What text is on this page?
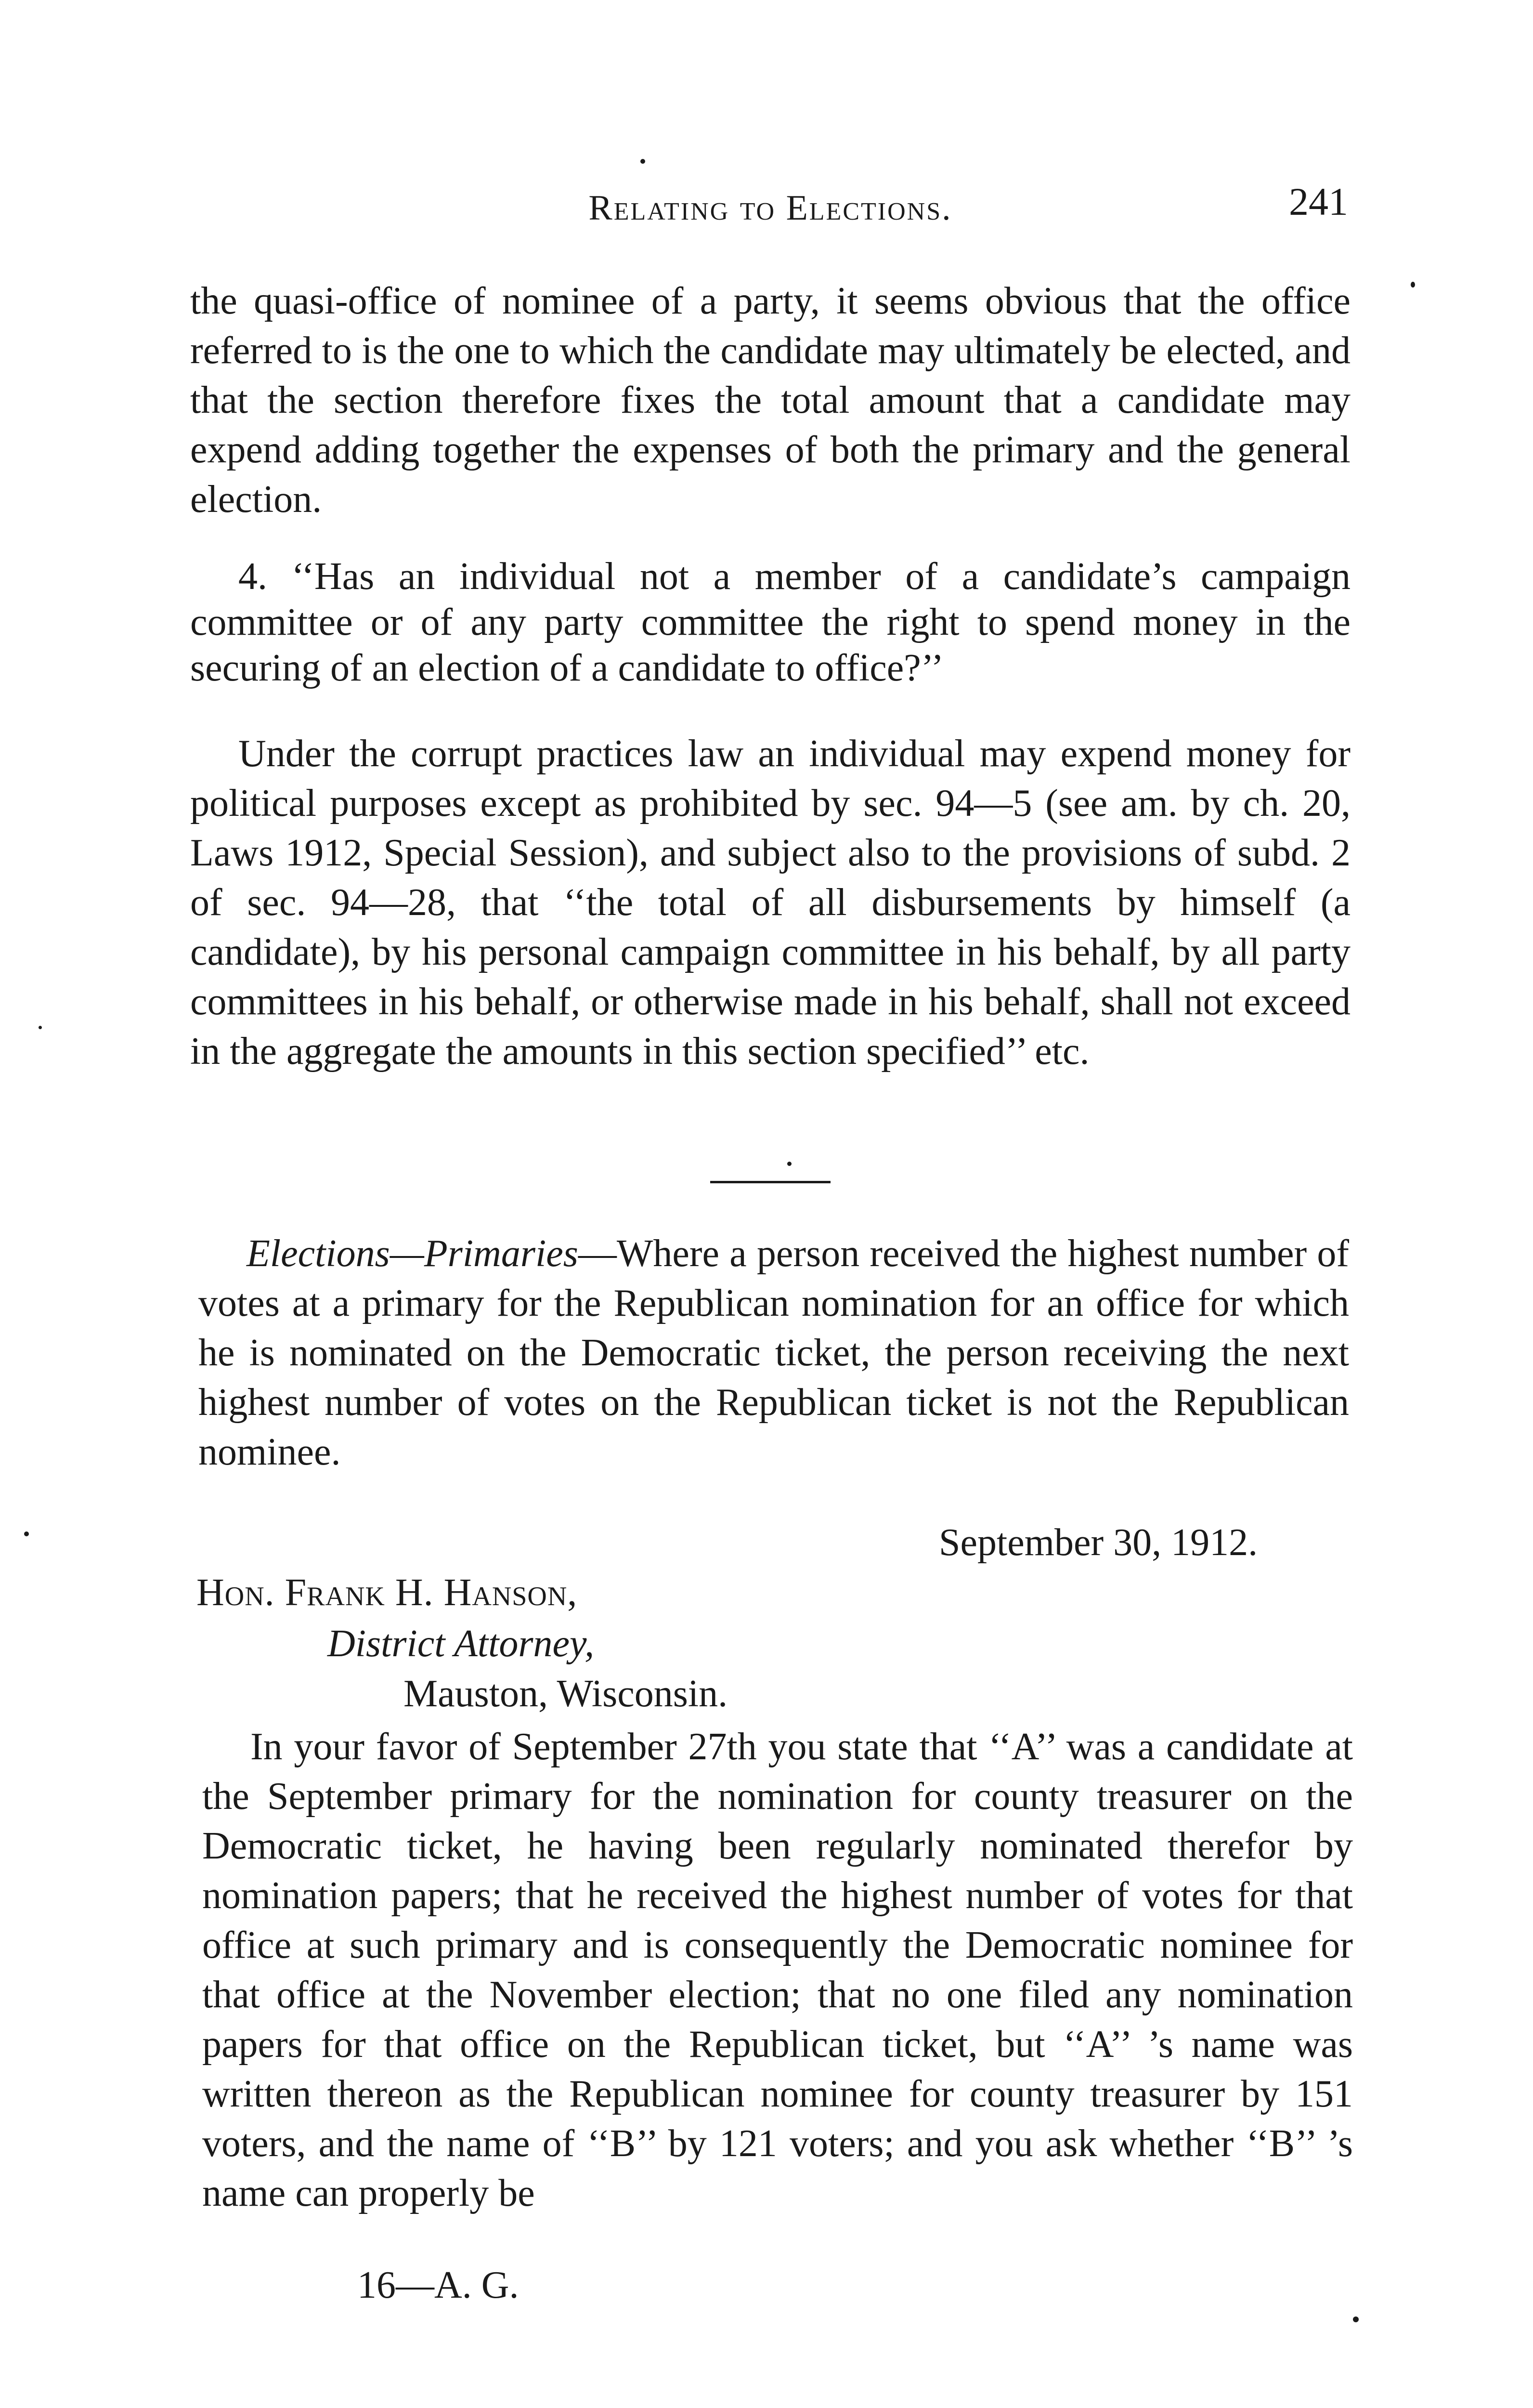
Relating to Elections.	241

the quasi-office of nominee of a party, it seems obvious that the office referred to is the one to which the candidate may ultimately be elected, and that the section therefore fixes the total amount that a candidate may expend adding together the expenses of both the primary and the general election.

4. ‘‘Has an individual not a member of a candidate’s campaign committee or of any party committee the right to spend money in the securing of an election of a candidate to office?’’

Under the corrupt practices law an individual may expend money for political purposes except as prohibited by sec. 94—5 (see am. by ch. 20, Laws 1912, Special Session), and subject also to the provisions of subd. 2 of sec. 94—28, that ‘‘the total of all disbursements by himself (a candidate), by his personal campaign committee in his behalf, by all party committees in his behalf, or otherwise made in his behalf, shall not exceed in the aggregate the amounts in this section specified’’ etc.

Elections—Primaries—Where a person received the highest number of votes at a primary for the Republican nomination for an office for which he is nominated on the Democratic ticket, the person receiving the next highest number of votes on the Republican ticket is not the Republican nominee.

September 30, 1912.
Hon. Frank H. Hanson,
District Attorney,
Mauston, Wisconsin.

In your favor of September 27th you state that ‘‘A’’ was a candidate at the September primary for the nomination for county treasurer on the Democratic ticket, he having been regularly nominated therefor by nomination papers; that he received the highest number of votes for that office at such primary and is consequently the Democratic nominee for that office at the November election; that no one filed any nomination papers for that office on the Republican ticket, but ‘‘A’’ ’s name was written thereon as the Republican nominee for county treasurer by 151 voters, and the name of ‘‘B’’ by 121 voters; and you ask whether ‘‘B’’ ’s name can properly be

16—A. G.
